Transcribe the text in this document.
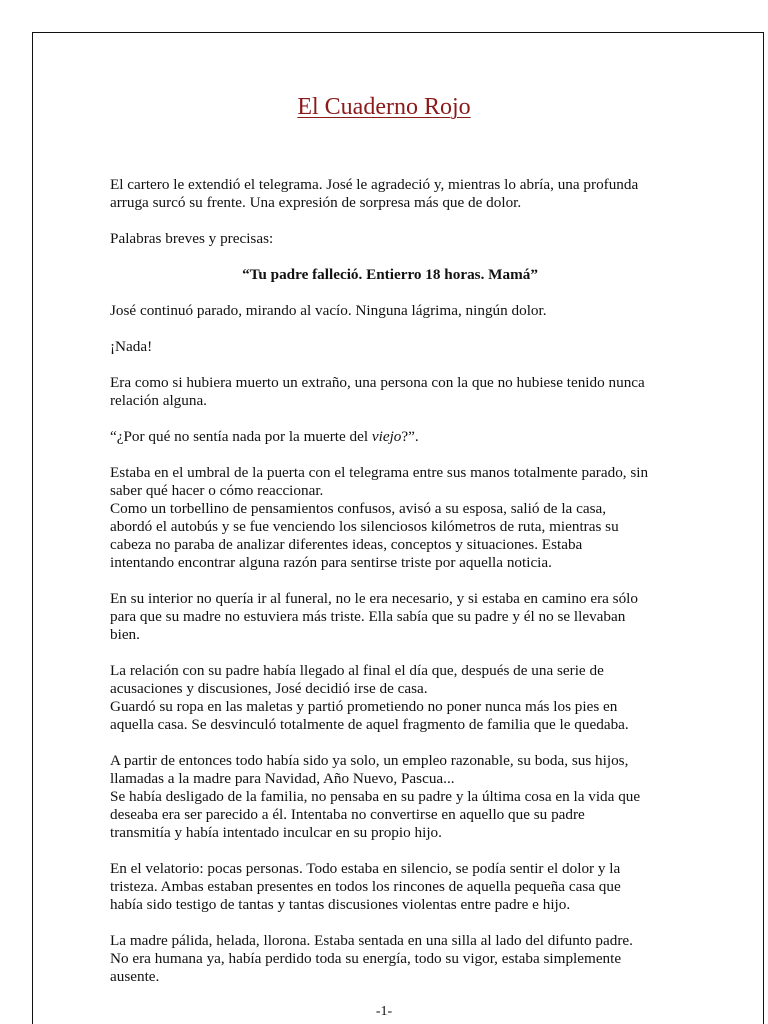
El Cuaderno Rojo

El cartero le extendió el telegrama. José le agradeció y, mientras lo abría, una profunda
arruga surcó su frente. Una expresión de sorpresa más que de dolor.

Palabras breves y precisas:

“Tu padre falleció. Entierro 18 horas. Mamá”

José continuó parado, mirando al vacío. Ninguna lágrima, ningún dolor.

¡Nada!

Era como si hubiera muerto un extraño, una persona con la que no hubiese tenido nunca
relación alguna.

“¿Por qué no sentía nada por la muerte del viejo?”.

Estaba en el umbral de la puerta con el telegrama entre sus manos totalmente parado, sin
saber qué hacer o cómo reaccionar.
Como un torbellino de pensamientos confusos, avisó a su esposa, salió de la casa,
abordó el autobús y se fue venciendo los silenciosos kilómetros de ruta, mientras su
cabeza no paraba de analizar diferentes ideas, conceptos y situaciones. Estaba
intentando encontrar alguna razón para sentirse triste por aquella noticia.

En su interior no quería ir al funeral, no le era necesario, y si estaba en camino era sólo
para que su madre no estuviera más triste. Ella sabía que su padre y él no se llevaban
bien.

La relación con su padre había llegado al final el día que, después de una serie de
acusaciones y discusiones, José decidió irse de casa.
Guardó su ropa en las maletas y partió prometiendo no poner nunca más los pies en
aquella casa. Se desvinculó totalmente de aquel fragmento de familia que le quedaba.

A partir de entonces todo había sido ya solo, un empleo razonable, su boda, sus hijos,
llamadas a la madre para Navidad, Año Nuevo, Pascua...
Se había desligado de la familia, no pensaba en su padre y la última cosa en la vida que
deseaba era ser parecido a él. Intentaba no convertirse en aquello que su padre
transmitía y había intentado inculcar en su propio hijo.

En el velatorio: pocas personas. Todo estaba en silencio, se podía sentir el dolor y la
tristeza. Ambas estaban presentes en todos los rincones de aquella pequeña casa que
había sido testigo de tantas y tantas discusiones violentas entre padre e hijo.

La madre pálida, helada, llorona. Estaba sentada en una silla al lado del difunto padre.
No era humana ya, había perdido toda su energía, todo su vigor, estaba simplemente
ausente.

-1-
